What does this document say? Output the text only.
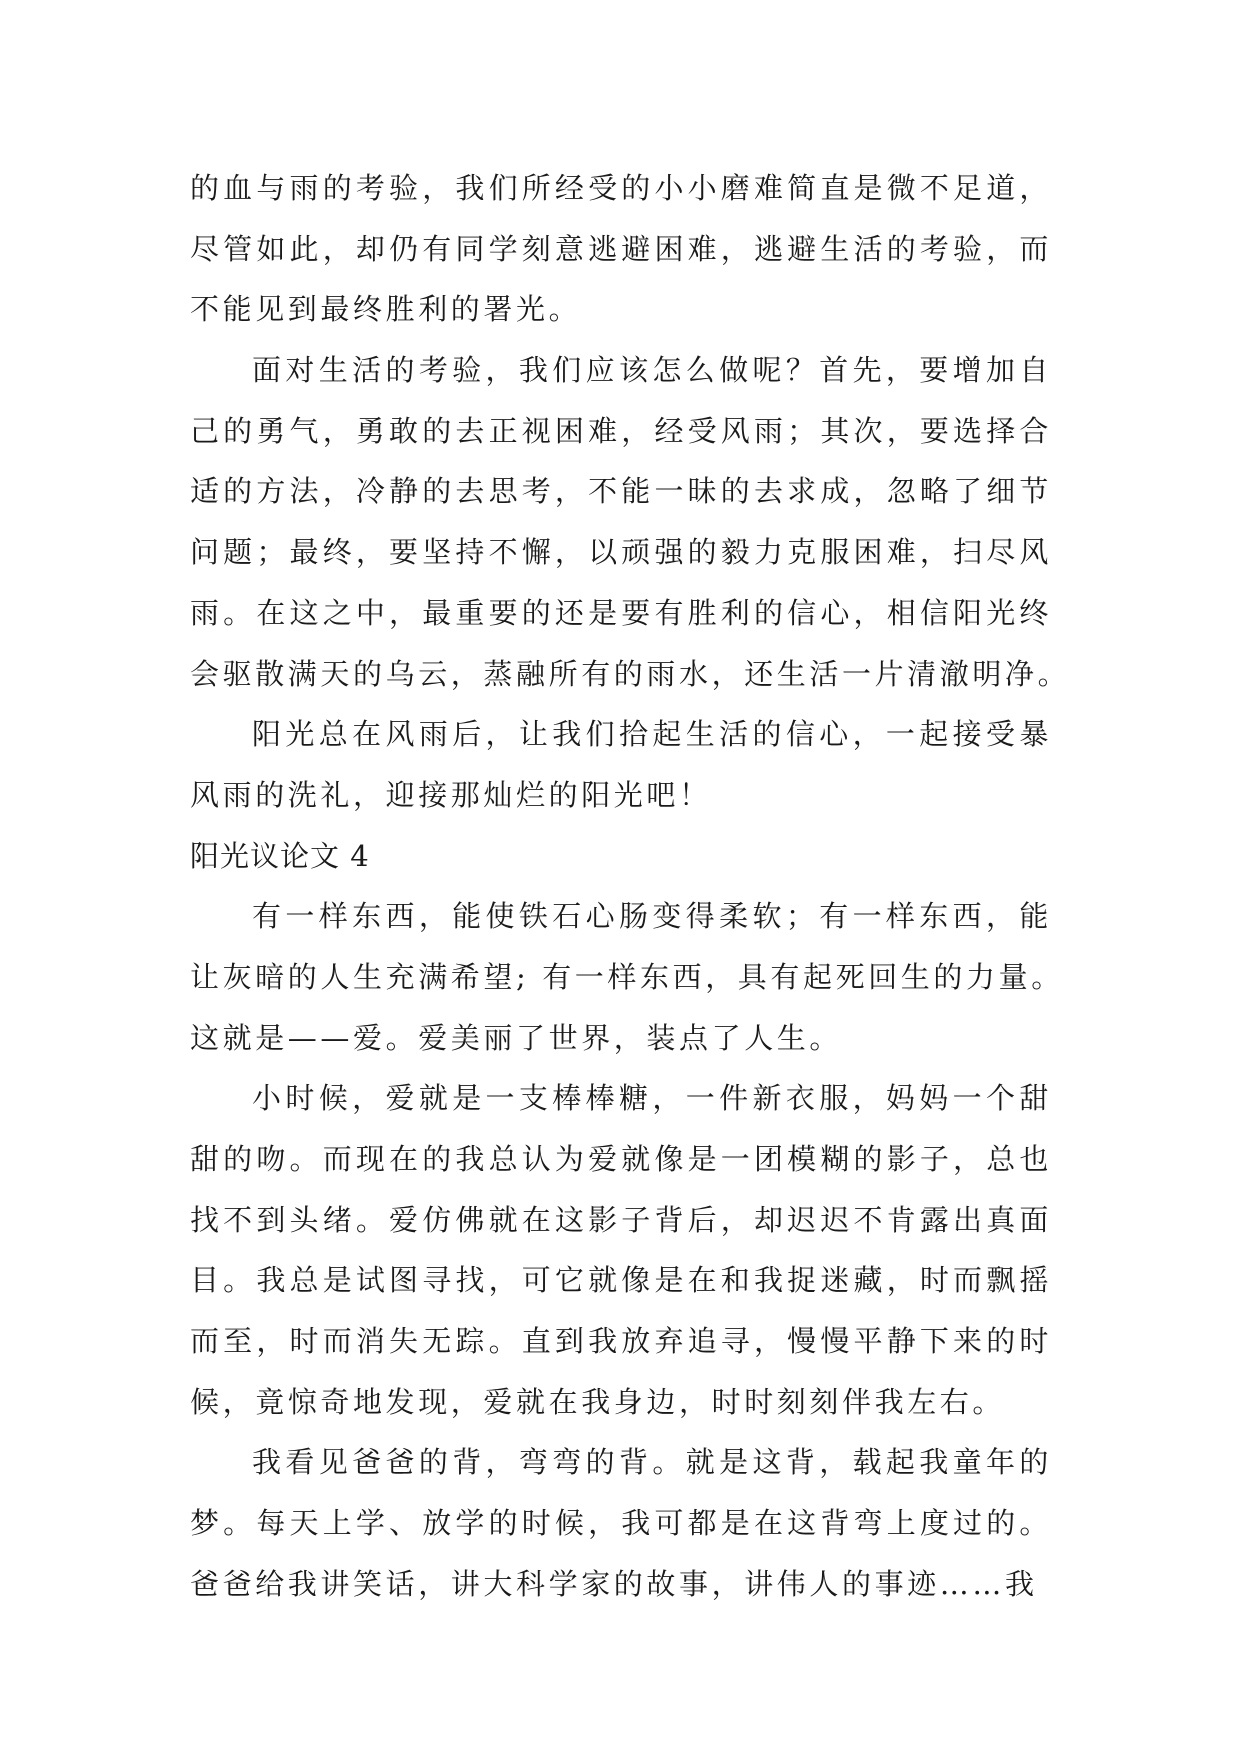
的血与雨的考验，我们所经受的小小磨难简直是微不足道，
尽管如此，却仍有同学刻意逃避困难，逃避生活的考验，而
不能见到最终胜利的署光。
面对生活的考验，我们应该怎么做呢？首先，要增加自
己的勇气，勇敢的去正视困难，经受风雨；其次，要选择合
适的方法，冷静的去思考，不能一昧的去求成，忽略了细节
问题；最终，要坚持不懈，以顽强的毅力克服困难，扫尽风
雨。在这之中，最重要的还是要有胜利的信心，相信阳光终
会驱散满天的乌云，蒸融所有的雨水，还生活一片清澈明净。
阳光总在风雨后，让我们拾起生活的信心，一起接受暴
风雨的洗礼，迎接那灿烂的阳光吧！
阳光议论文 4
有一样东西，能使铁石心肠变得柔软；有一样东西，能
让灰暗的人生充满希望; 有一样东西，具有起死回生的力量。
这就是——爱。爱美丽了世界，装点了人生。
小时候，爱就是一支棒棒糖，一件新衣服，妈妈一个甜
甜的吻。而现在的我总认为爱就像是一团模糊的影子，总也
找不到头绪。爱仿佛就在这影子背后，却迟迟不肯露出真面
目。我总是试图寻找，可它就像是在和我捉迷藏，时而飘摇
而至，时而消失无踪。直到我放弃追寻，慢慢平静下来的时
候，竟惊奇地发现，爱就在我身边，时时刻刻伴我左右。
我看见爸爸的背，弯弯的背。就是这背，载起我童年的
梦。每天上学、放学的时候，我可都是在这背弯上度过的。
爸爸给我讲笑话，讲大科学家的故事，讲伟人的事迹……我
